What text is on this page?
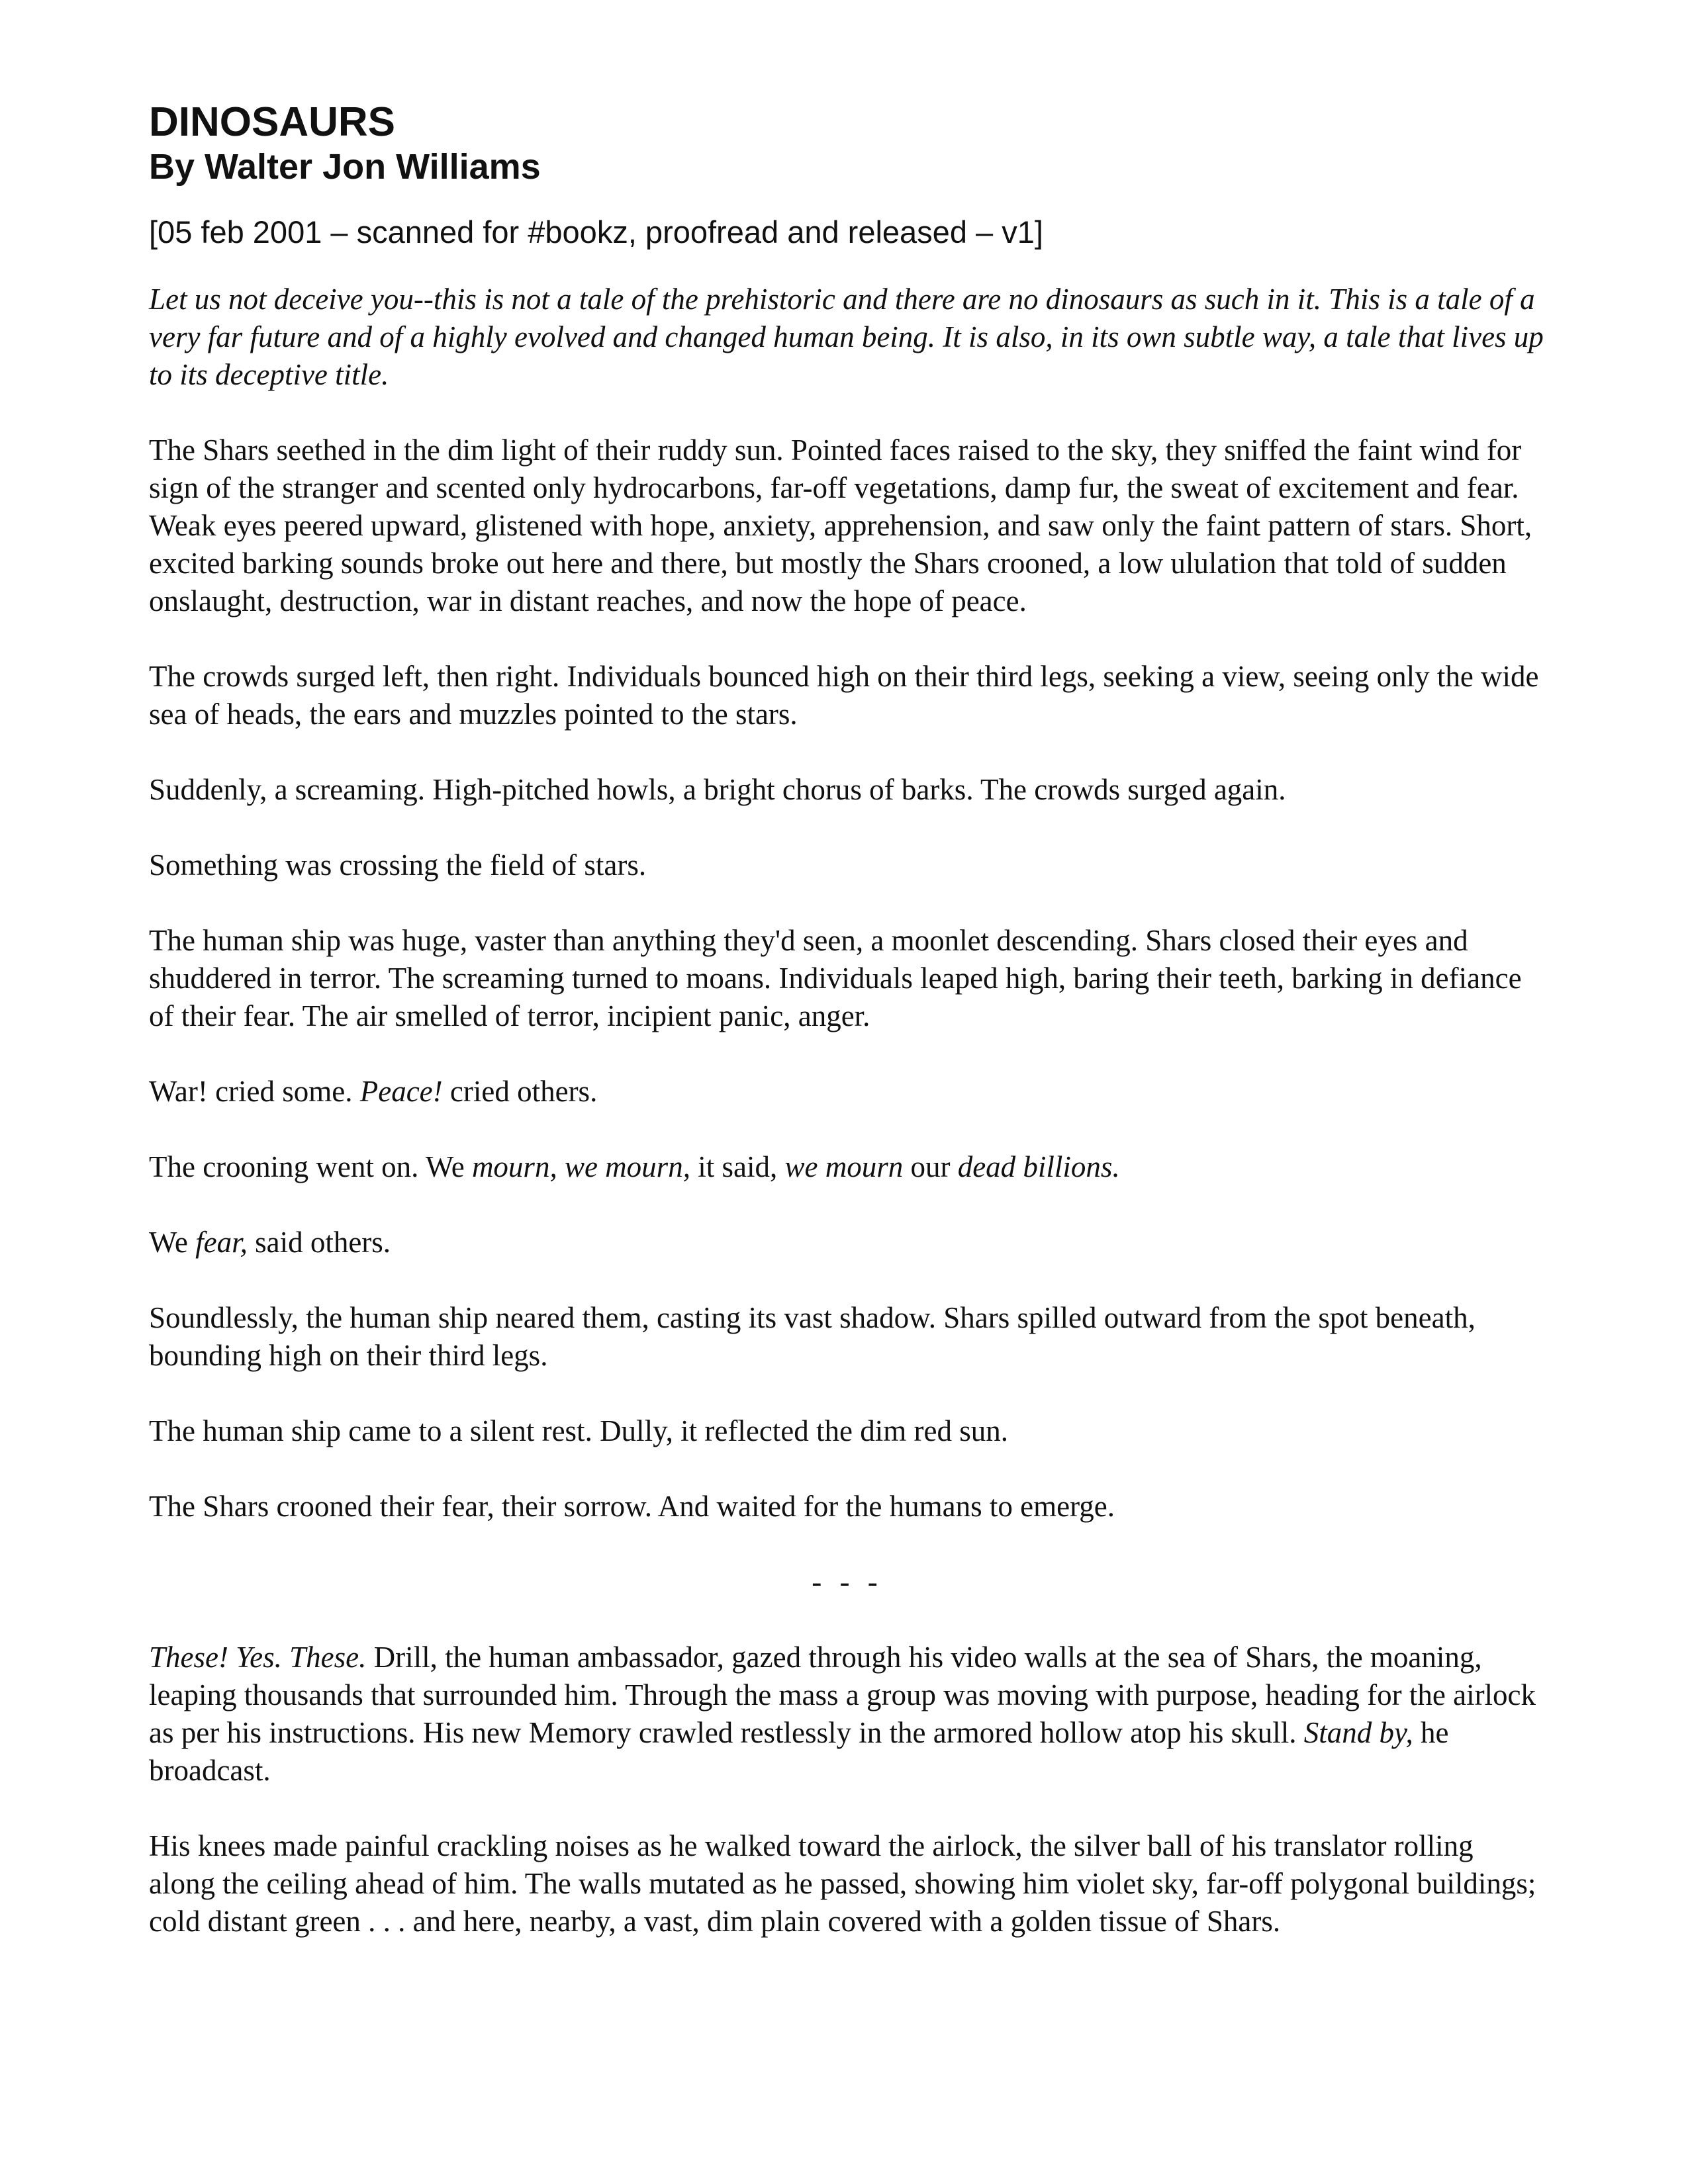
DINOSAURS
By Walter Jon Williams
[05 feb 2001 – scanned for #bookz, proofread and released – v1]

Let us not deceive you--this is not a tale of the prehistoric and there are no dinosaurs as such in it. This is a tale of a very far future and of a highly evolved and changed human being. It is also, in its own subtle way, a tale that lives up to its deceptive title.

The Shars seethed in the dim light of their ruddy sun. Pointed faces raised to the sky, they sniffed the faint wind for sign of the stranger and scented only hydrocarbons, far-off vegetations, damp fur, the sweat of excitement and fear. Weak eyes peered upward, glistened with hope, anxiety, apprehension, and saw only the faint pattern of stars. Short, excited barking sounds broke out here and there, but mostly the Shars crooned, a low ululation that told of sudden onslaught, destruction, war in distant reaches, and now the hope of peace.

The crowds surged left, then right. Individuals bounced high on their third legs, seeking a view, seeing only the wide sea of heads, the ears and muzzles pointed to the stars.

Suddenly, a screaming. High-pitched howls, a bright chorus of barks. The crowds surged again.

Something was crossing the field of stars.

The human ship was huge, vaster than anything they'd seen, a moonlet descending. Shars closed their eyes and shuddered in terror. The screaming turned to moans. Individuals leaped high, baring their teeth, barking in defiance of their fear. The air smelled of terror, incipient panic, anger.

War! cried some. Peace! cried others.

The crooning went on. We mourn, we mourn, it said, we mourn our dead billions.

We fear, said others.

Soundlessly, the human ship neared them, casting its vast shadow. Shars spilled outward from the spot beneath, bounding high on their third legs.

The human ship came to a silent rest. Dully, it reflected the dim red sun.

The Shars crooned their fear, their sorrow. And waited for the humans to emerge.

- - -

These! Yes. These. Drill, the human ambassador, gazed through his video walls at the sea of Shars, the moaning, leaping thousands that surrounded him. Through the mass a group was moving with purpose, heading for the airlock as per his instructions. His new Memory crawled restlessly in the armored hollow atop his skull. Stand by, he broadcast.

His knees made painful crackling noises as he walked toward the airlock, the silver ball of his translator rolling along the ceiling ahead of him. The walls mutated as he passed, showing him violet sky, far-off polygonal buildings; cold distant green . . . and here, nearby, a vast, dim plain covered with a golden tissue of Shars.
